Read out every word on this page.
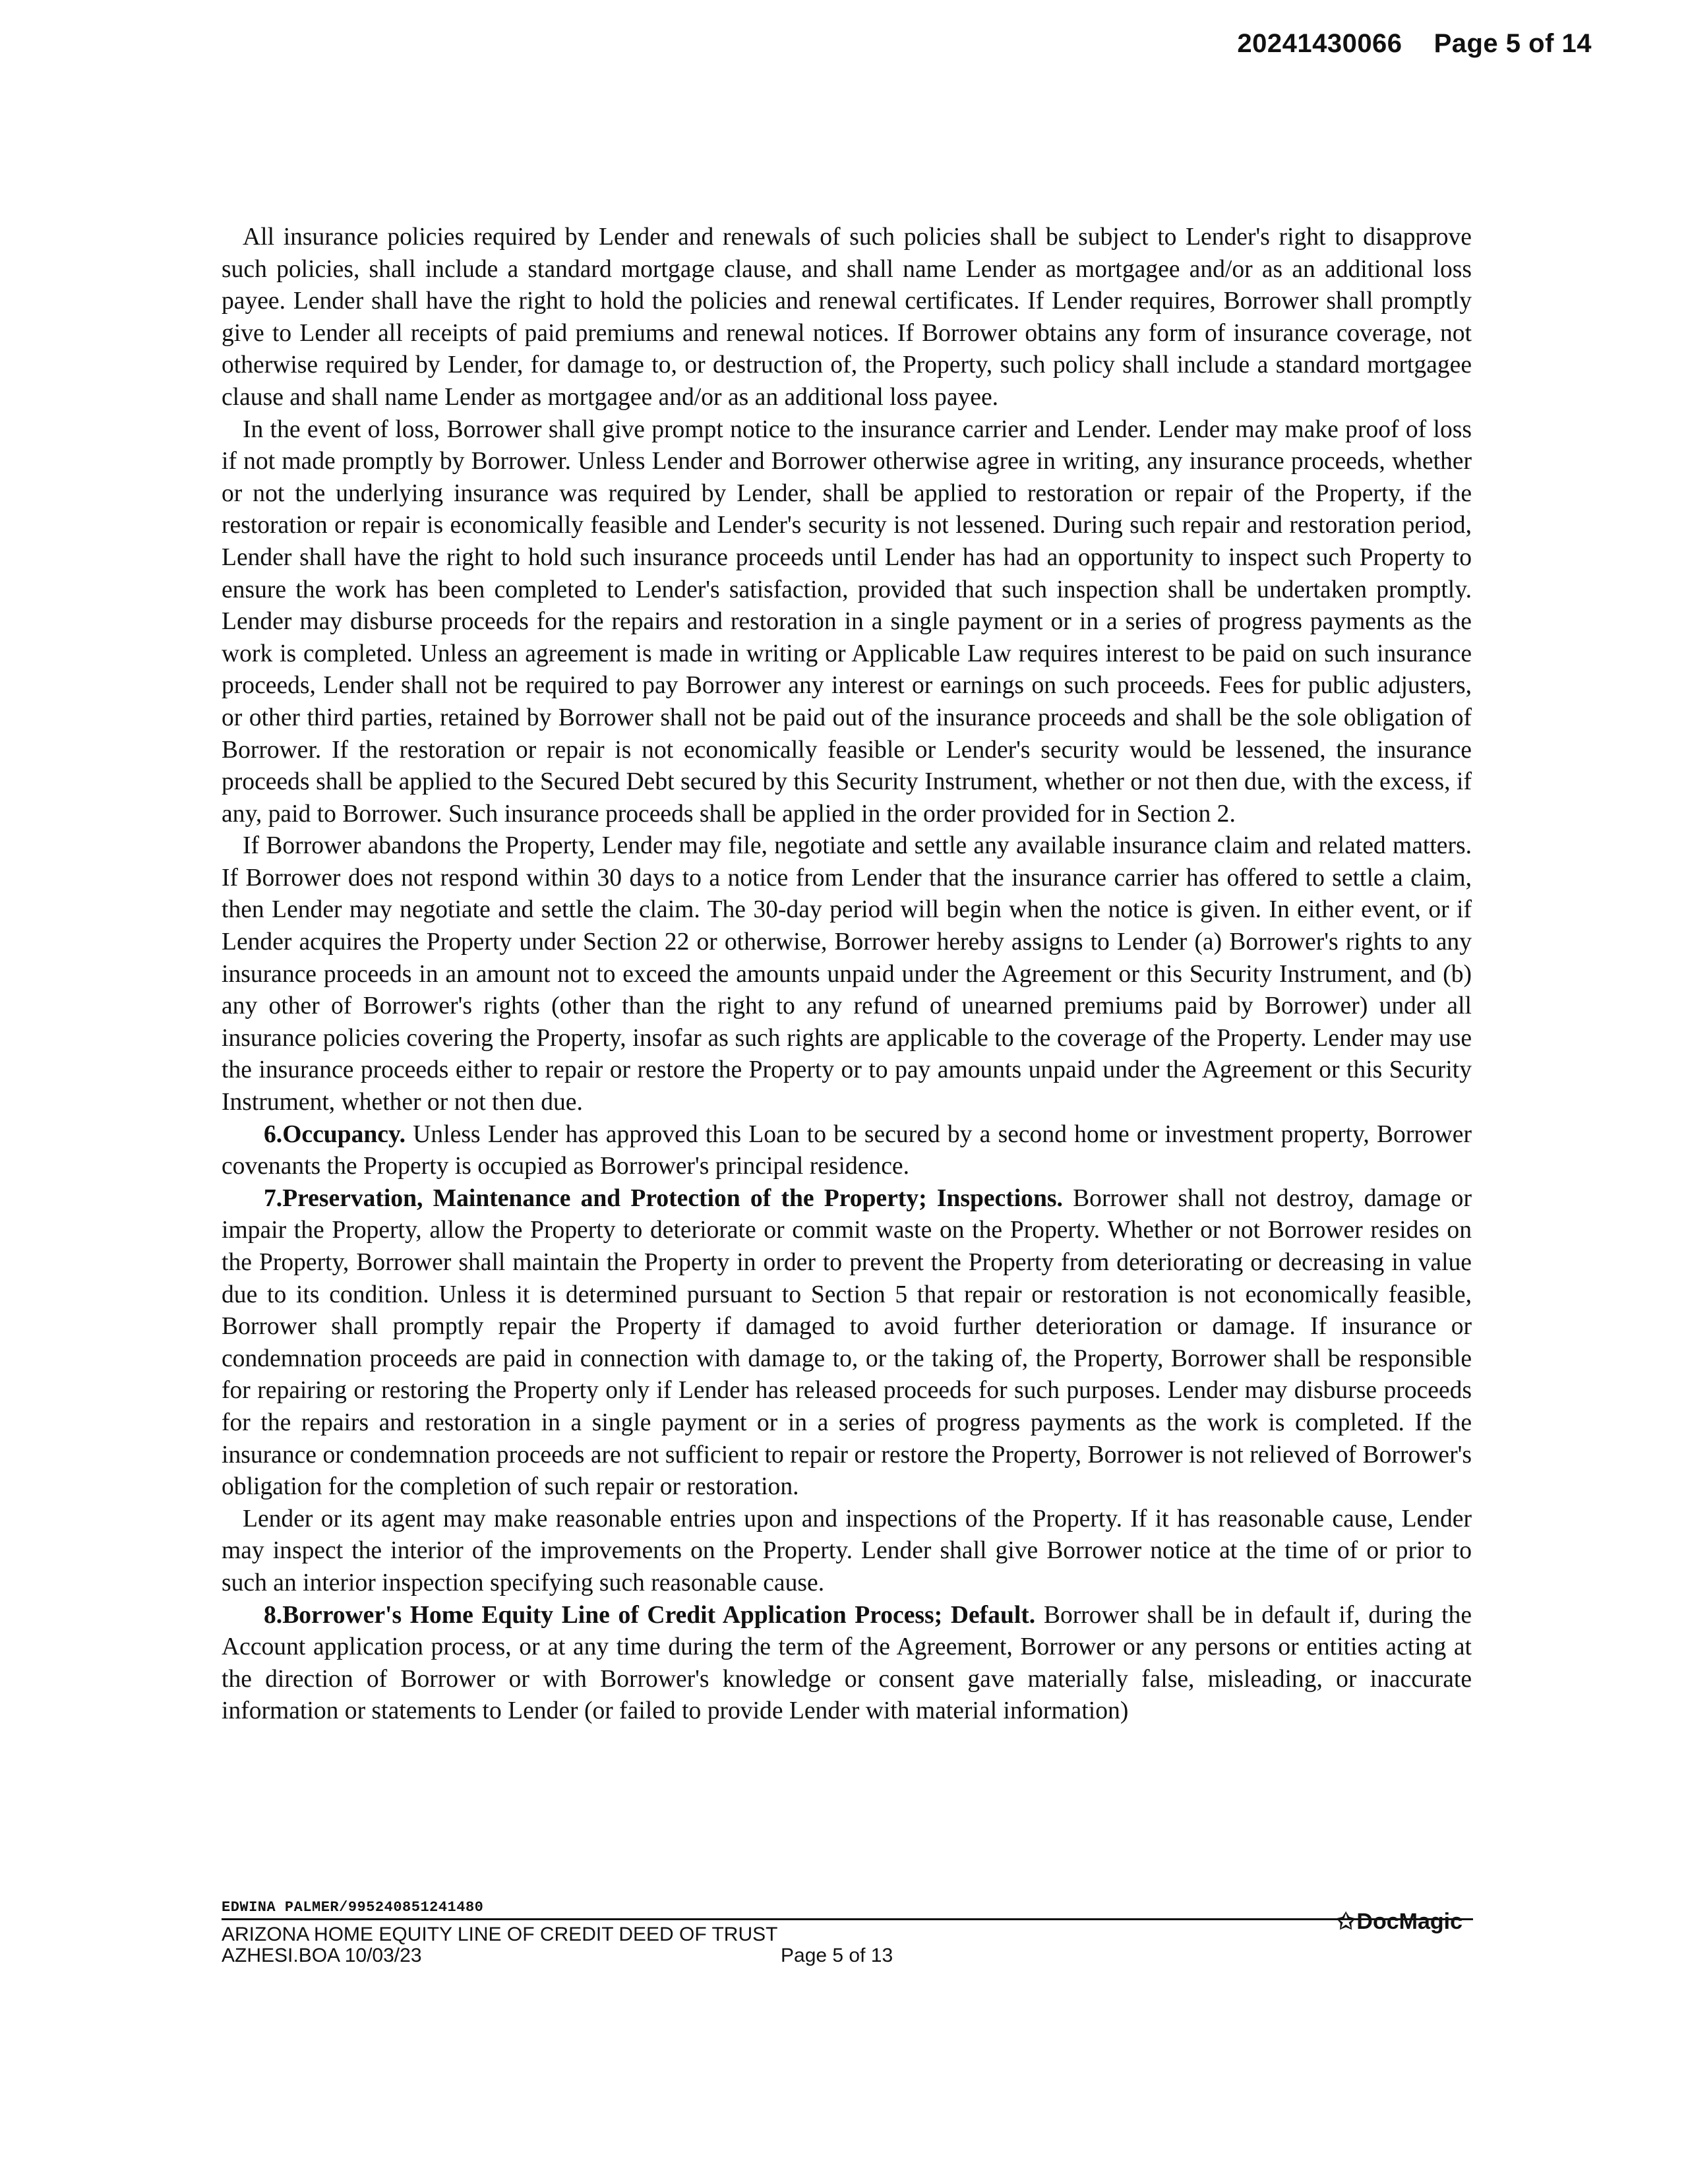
20241430066 Page 5 of 14

All insurance policies required by Lender and renewals of such policies shall be subject to Lender's right to disapprove such policies, shall include a standard mortgage clause, and shall name Lender as mortgagee and/or as an additional loss payee. Lender shall have the right to hold the policies and renewal certificates. If Lender requires, Borrower shall promptly give to Lender all receipts of paid premiums and renewal notices. If Borrower obtains any form of insurance coverage, not otherwise required by Lender, for damage to, or destruction of, the Property, such policy shall include a standard mortgagee clause and shall name Lender as mortgagee and/or as an additional loss payee.

In the event of loss, Borrower shall give prompt notice to the insurance carrier and Lender. Lender may make proof of loss if not made promptly by Borrower. Unless Lender and Borrower otherwise agree in writing, any insurance proceeds, whether or not the underlying insurance was required by Lender, shall be applied to restoration or repair of the Property, if the restoration or repair is economically feasible and Lender's security is not lessened. During such repair and restoration period, Lender shall have the right to hold such insurance proceeds until Lender has had an opportunity to inspect such Property to ensure the work has been completed to Lender's satisfaction, provided that such inspection shall be undertaken promptly. Lender may disburse proceeds for the repairs and restoration in a single payment or in a series of progress payments as the work is completed. Unless an agreement is made in writing or Applicable Law requires interest to be paid on such insurance proceeds, Lender shall not be required to pay Borrower any interest or earnings on such proceeds. Fees for public adjusters, or other third parties, retained by Borrower shall not be paid out of the insurance proceeds and shall be the sole obligation of Borrower. If the restoration or repair is not economically feasible or Lender's security would be lessened, the insurance proceeds shall be applied to the Secured Debt secured by this Security Instrument, whether or not then due, with the excess, if any, paid to Borrower. Such insurance proceeds shall be applied in the order provided for in Section 2.

If Borrower abandons the Property, Lender may file, negotiate and settle any available insurance claim and related matters. If Borrower does not respond within 30 days to a notice from Lender that the insurance carrier has offered to settle a claim, then Lender may negotiate and settle the claim. The 30-day period will begin when the notice is given. In either event, or if Lender acquires the Property under Section 22 or otherwise, Borrower hereby assigns to Lender (a) Borrower's rights to any insurance proceeds in an amount not to exceed the amounts unpaid under the Agreement or this Security Instrument, and (b) any other of Borrower's rights (other than the right to any refund of unearned premiums paid by Borrower) under all insurance policies covering the Property, insofar as such rights are applicable to the coverage of the Property. Lender may use the insurance proceeds either to repair or restore the Property or to pay amounts unpaid under the Agreement or this Security Instrument, whether or not then due.

6.Occupancy. Unless Lender has approved this Loan to be secured by a second home or investment property, Borrower covenants the Property is occupied as Borrower's principal residence.

7.Preservation, Maintenance and Protection of the Property; Inspections. Borrower shall not destroy, damage or impair the Property, allow the Property to deteriorate or commit waste on the Property. Whether or not Borrower resides on the Property, Borrower shall maintain the Property in order to prevent the Property from deteriorating or decreasing in value due to its condition. Unless it is determined pursuant to Section 5 that repair or restoration is not economically feasible, Borrower shall promptly repair the Property if damaged to avoid further deterioration or damage. If insurance or condemnation proceeds are paid in connection with damage to, or the taking of, the Property, Borrower shall be responsible for repairing or restoring the Property only if Lender has released proceeds for such purposes. Lender may disburse proceeds for the repairs and restoration in a single payment or in a series of progress payments as the work is completed. If the insurance or condemnation proceeds are not sufficient to repair or restore the Property, Borrower is not relieved of Borrower's obligation for the completion of such repair or restoration.

Lender or its agent may make reasonable entries upon and inspections of the Property. If it has reasonable cause, Lender may inspect the interior of the improvements on the Property. Lender shall give Borrower notice at the time of or prior to such an interior inspection specifying such reasonable cause.

8.Borrower's Home Equity Line of Credit Application Process; Default. Borrower shall be in default if, during the Account application process, or at any time during the term of the Agreement, Borrower or any persons or entities acting at the direction of Borrower or with Borrower's knowledge or consent gave materially false, misleading, or inaccurate information or statements to Lender (or failed to provide Lender with material information)

EDWINA PALMER/995240851241480
ARIZONA HOME EQUITY LINE OF CREDIT DEED OF TRUST
AZHESI.BOA 10/03/23	Page 5 of 13
✩DocMagic
